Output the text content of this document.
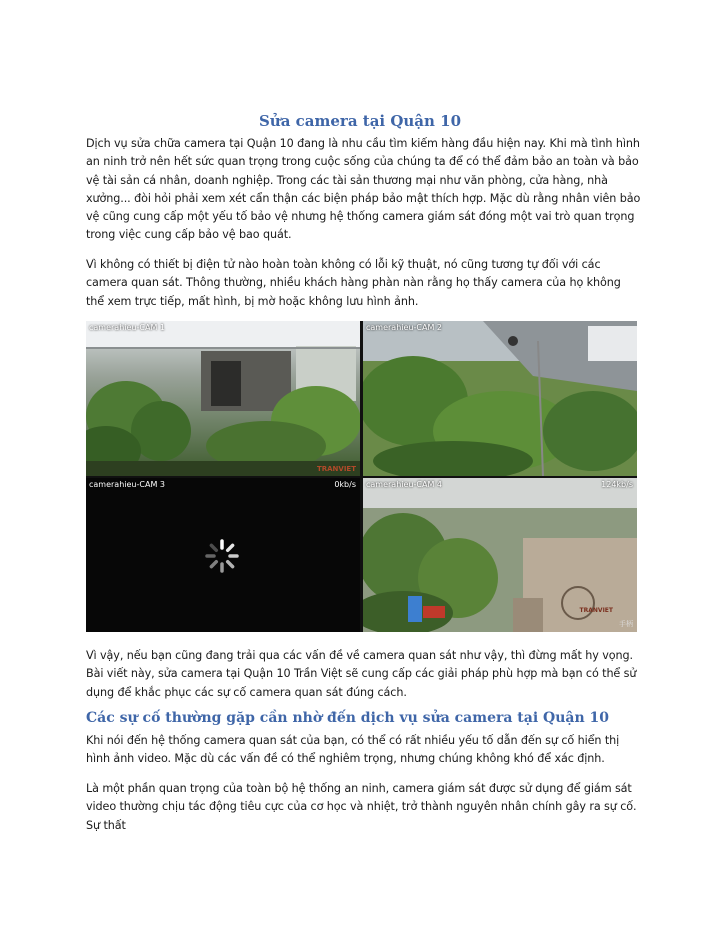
Sửa camera tại Quận 10

Dịch vụ sửa chữa camera tại Quận 10 đang là nhu cầu tìm kiếm hàng đầu hiện nay. Khi mà tình hình an ninh trở nên hết sức quan trọng trong cuộc sống của chúng ta để có thể đảm bảo an toàn và bảo vệ tài sản cá nhân, doanh nghiệp. Trong các tài sản thương mại như văn phòng, cửa hàng, nhà xưởng... đòi hỏi phải xem xét cẩn thận các biện pháp bảo mật thích hợp. Mặc dù rằng nhân viên bảo vệ cũng cung cấp một yếu tố bảo vệ nhưng hệ thống camera giám sát đóng một vai trò quan trọng trong việc cung cấp bảo vệ bao quát.

Vì không có thiết bị điện tử nào hoàn toàn không có lỗi kỹ thuật, nó cũng tương tự đối với các camera quan sát. Thông thường, nhiều khách hàng phàn nàn rằng họ thấy camera của họ không thể xem trực tiếp, mất hình, bị mờ hoặc không lưu hình ảnh.

camerahieu-CAM 1
TRANVIET
camerahieu-CAM 2
camerahieu-CAM 3	0kb/s camerahieu-CAM 4	124kb/s
TRANVIET
手柄

Vì vậy, nếu bạn cũng đang trải qua các vấn đề về camera quan sát như vậy, thì đừng mất hy vọng. Bài viết này, sửa camera tại Quận 10 Trần Việt sẽ cung cấp các giải pháp phù hợp mà bạn có thể sử dụng để khắc phục các sự cố camera quan sát đúng cách.

Các sự cố thường gặp cần nhờ đến dịch vụ sửa camera tại Quận 10

Khi nói đến hệ thống camera quan sát của bạn, có thể có rất nhiều yếu tố dẫn đến sự cố hiển thị hình ảnh video. Mặc dù các vấn đề có thể nghiêm trọng, nhưng chúng không khó để xác định.

Là một phần quan trọng của toàn bộ hệ thống an ninh, camera giám sát được sử dụng để giám sát video thường chịu tác động tiêu cực của cơ học và nhiệt, trở thành nguyên nhân chính gây ra sự cố. Sự thất
